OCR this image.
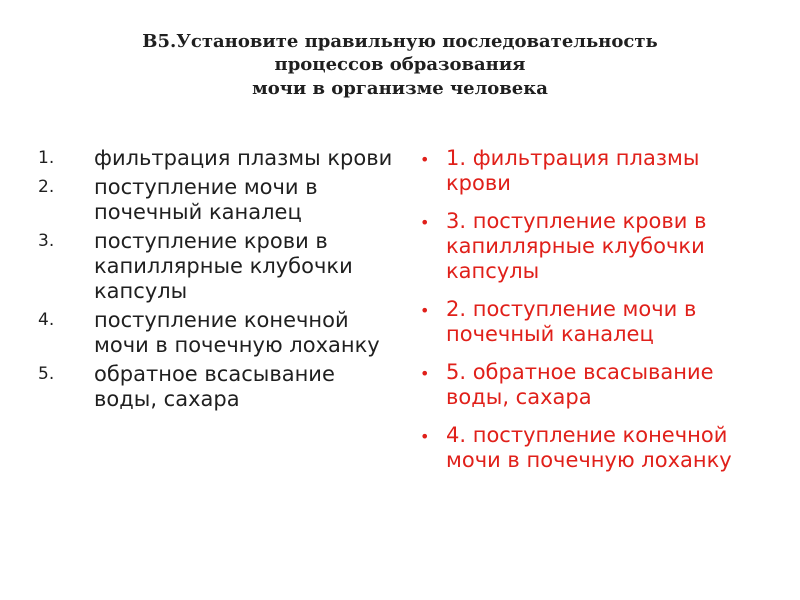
В5.Установите правильную последовательность
процессов образования
мочи в организме человека
1. фильтрация плазмы крови
2. поступление мочи в почечный каналец
3. поступление крови в капиллярные клубочки капсулы
4. поступление конечной мочи в почечную лоханку
5. обратное всасывание воды, сахара
• 1. фильтрация плазмы крови
• 3. поступление крови в капиллярные клубочки капсулы
• 2. поступление мочи в почечный каналец
• 5. обратное всасывание воды, сахара
• 4. поступление конечной мочи в почечную лоханку
